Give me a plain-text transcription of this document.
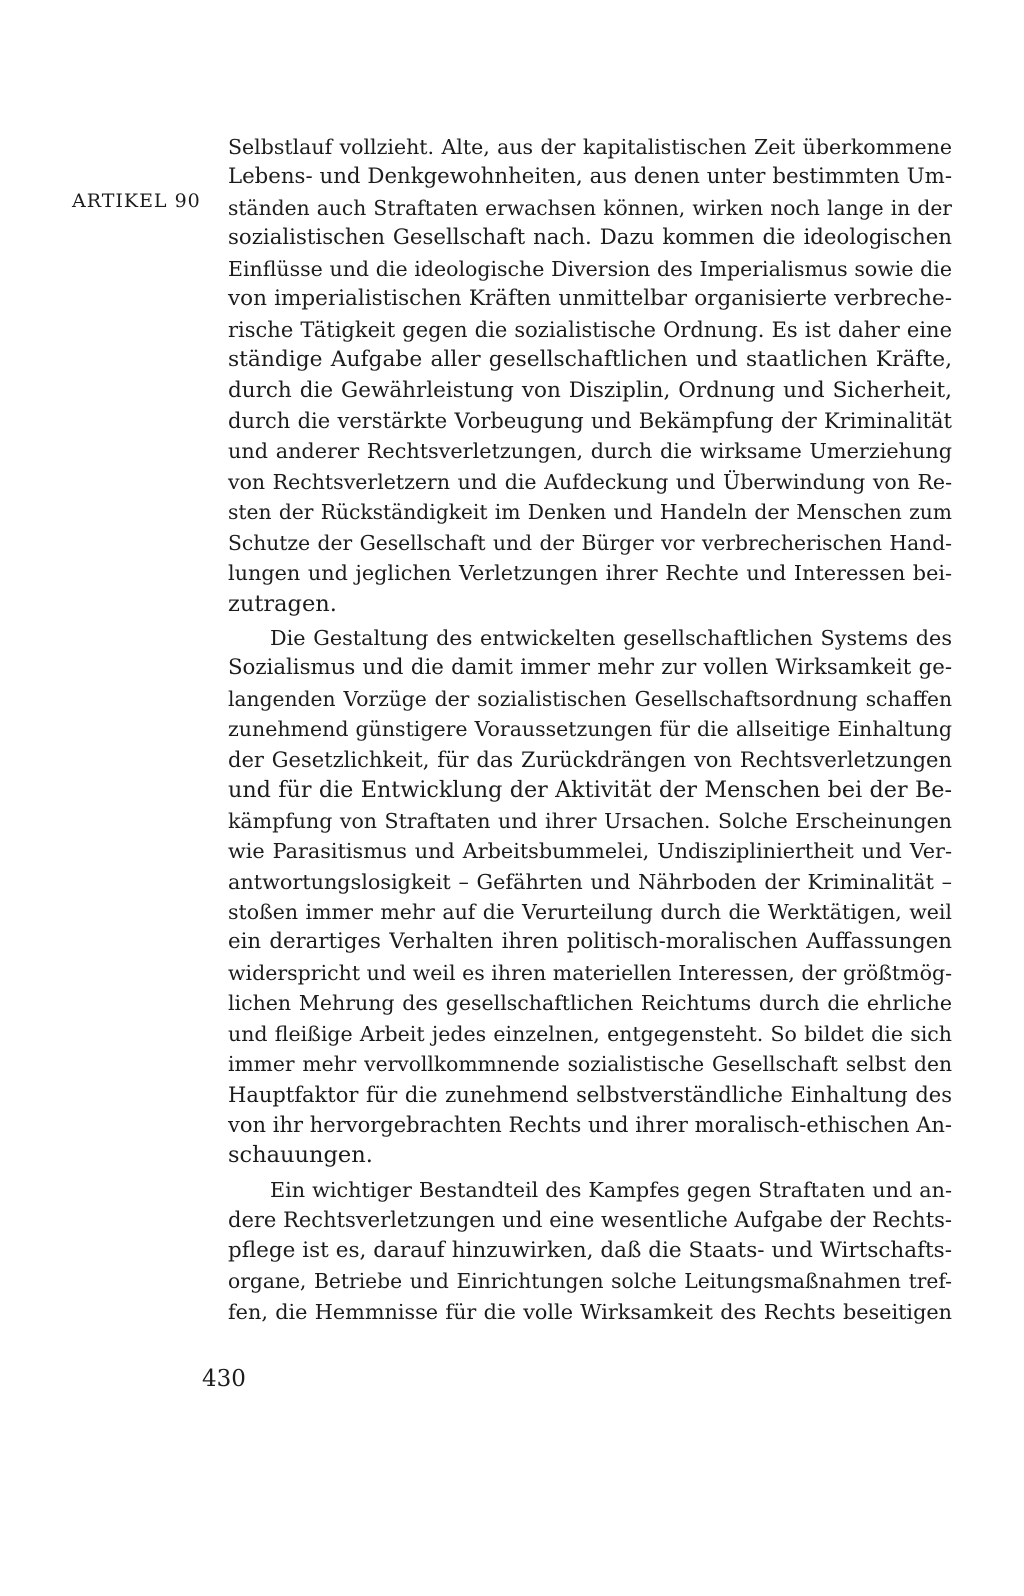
ARTIKEL 90
Selbstlauf vollzieht. Alte, aus der kapitalistischen Zeit überkommene
Lebens- und Denkgewohnheiten, aus denen unter bestimmten Um-
ständen auch Straftaten erwachsen können, wirken noch lange in der
sozialistischen Gesellschaft nach. Dazu kommen die ideologischen
Einflüsse und die ideologische Diversion des Imperialismus sowie die
von imperialistischen Kräften unmittelbar organisierte verbreche-
rische Tätigkeit gegen die sozialistische Ordnung. Es ist daher eine
ständige Aufgabe aller gesellschaftlichen und staatlichen Kräfte,
durch die Gewährleistung von Disziplin, Ordnung und Sicherheit,
durch die verstärkte Vorbeugung und Bekämpfung der Kriminalität
und anderer Rechtsverletzungen, durch die wirksame Umerziehung
von Rechtsverletzern und die Aufdeckung und Überwindung von Re-
sten der Rückständigkeit im Denken und Handeln der Menschen zum
Schutze der Gesellschaft und der Bürger vor verbrecherischen Hand-
lungen und jeglichen Verletzungen ihrer Rechte und Interessen bei-
zutragen.
Die Gestaltung des entwickelten gesellschaftlichen Systems des
Sozialismus und die damit immer mehr zur vollen Wirksamkeit ge-
langenden Vorzüge der sozialistischen Gesellschaftsordnung schaffen
zunehmend günstigere Voraussetzungen für die allseitige Einhaltung
der Gesetzlichkeit, für das Zurückdrängen von Rechtsverletzungen
und für die Entwicklung der Aktivität der Menschen bei der Be-
kämpfung von Straftaten und ihrer Ursachen. Solche Erscheinungen
wie Parasitismus und Arbeitsbummelei, Undiszipliniertheit und Ver-
antwortungslosigkeit – Gefährten und Nährboden der Kriminalität –
stoßen immer mehr auf die Verurteilung durch die Werktätigen, weil
ein derartiges Verhalten ihren politisch-moralischen Auffassungen
widerspricht und weil es ihren materiellen Interessen, der größtmög-
lichen Mehrung des gesellschaftlichen Reichtums durch die ehrliche
und fleißige Arbeit jedes einzelnen, entgegensteht. So bildet die sich
immer mehr vervollkommnende sozialistische Gesellschaft selbst den
Hauptfaktor für die zunehmend selbstverständliche Einhaltung des
von ihr hervorgebrachten Rechts und ihrer moralisch-ethischen An-
schauungen.
Ein wichtiger Bestandteil des Kampfes gegen Straftaten und an-
dere Rechtsverletzungen und eine wesentliche Aufgabe der Rechts-
pflege ist es, darauf hinzuwirken, daß die Staats- und Wirtschafts-
organe, Betriebe und Einrichtungen solche Leitungsmaßnahmen tref-
fen, die Hemmnisse für die volle Wirksamkeit des Rechts beseitigen
430
